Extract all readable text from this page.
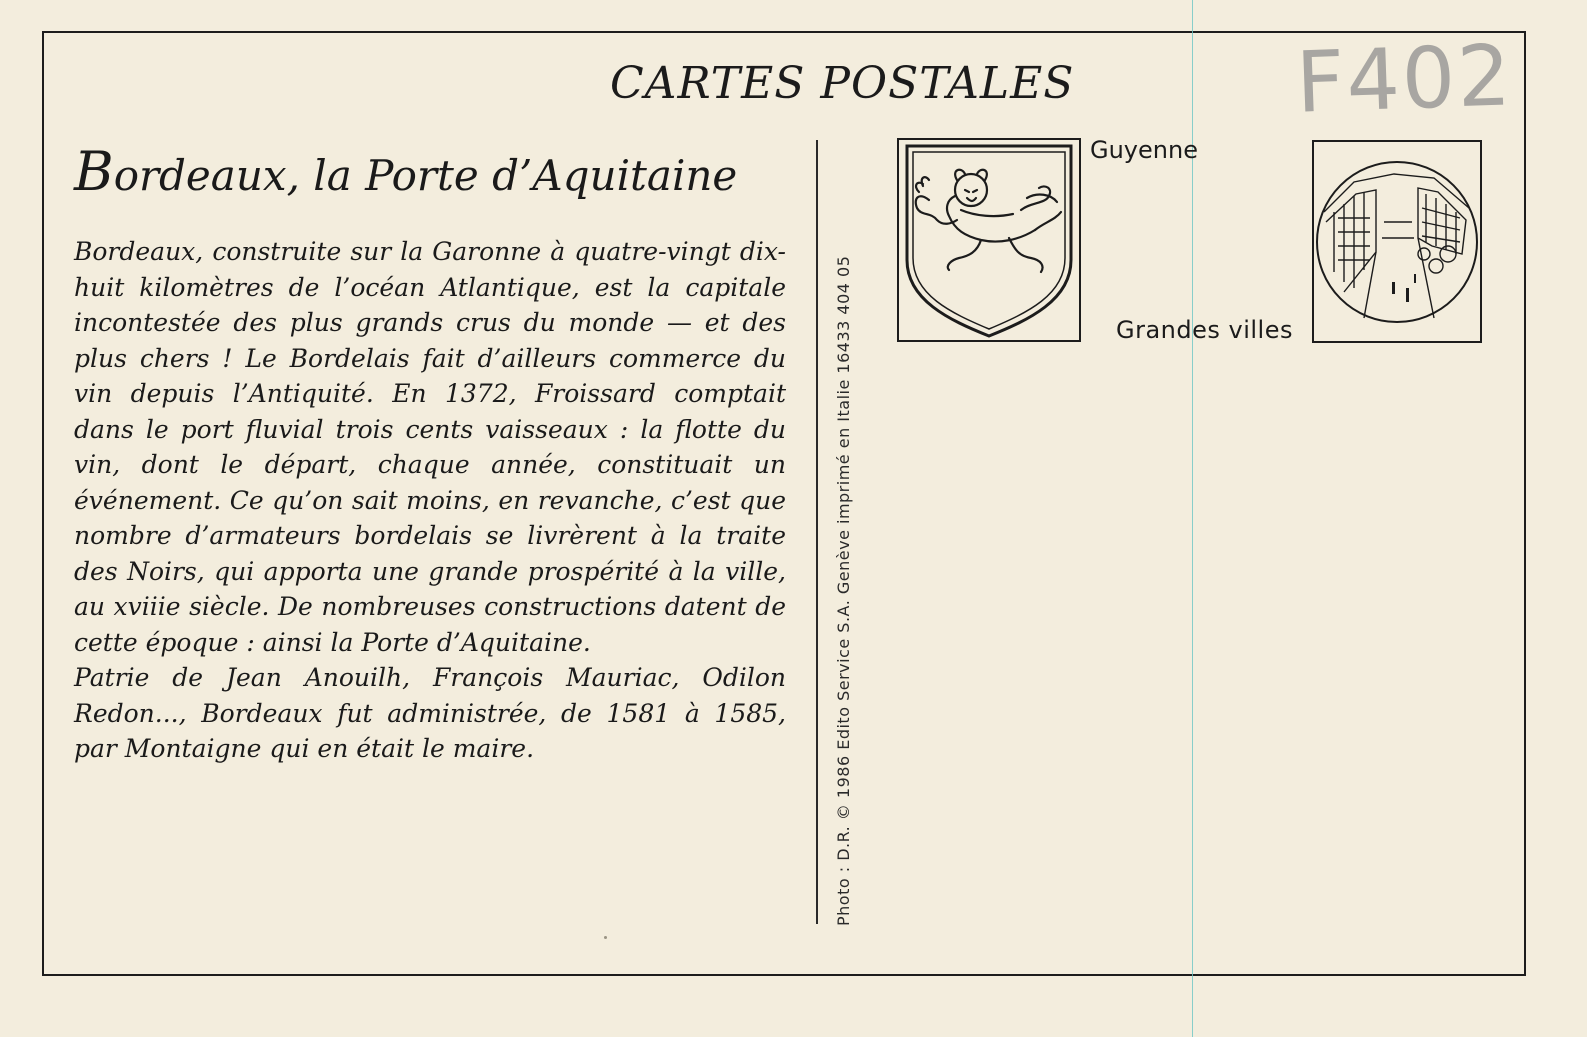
CARTES POSTALES	F402
Bordeaux, la Porte d’Aquitaine

Bordeaux, construite sur la Garonne à quatre-vingt dix-huit kilomètres de l’océan Atlantique, est la capitale incontestée des plus grands crus du monde — et des plus chers ! Le Bordelais fait d’ailleurs commerce du vin depuis l’Antiquité. En 1372, Froissard comptait dans le port fluvial trois cents vaisseaux : la flotte du vin, dont le départ, chaque année, constituait un événement. Ce qu’on sait moins, en revanche, c’est que nombre d’armateurs bordelais se livrèrent à la traite des Noirs, qui apporta une grande prospérité à la ville, au xviiie siècle. De nombreuses constructions datent de cette époque : ainsi la Porte d’Aquitaine.

Patrie de Jean Anouilh, François Mauriac, Odilon Redon..., Bordeaux fut administrée, de 1581 à 1585, par Montaigne qui en était le maire.	Photo : D.R. © 1986 Edito Service S.A. Genève imprimé en Italie 16433 404 05
Guyenne
Grandes villes
